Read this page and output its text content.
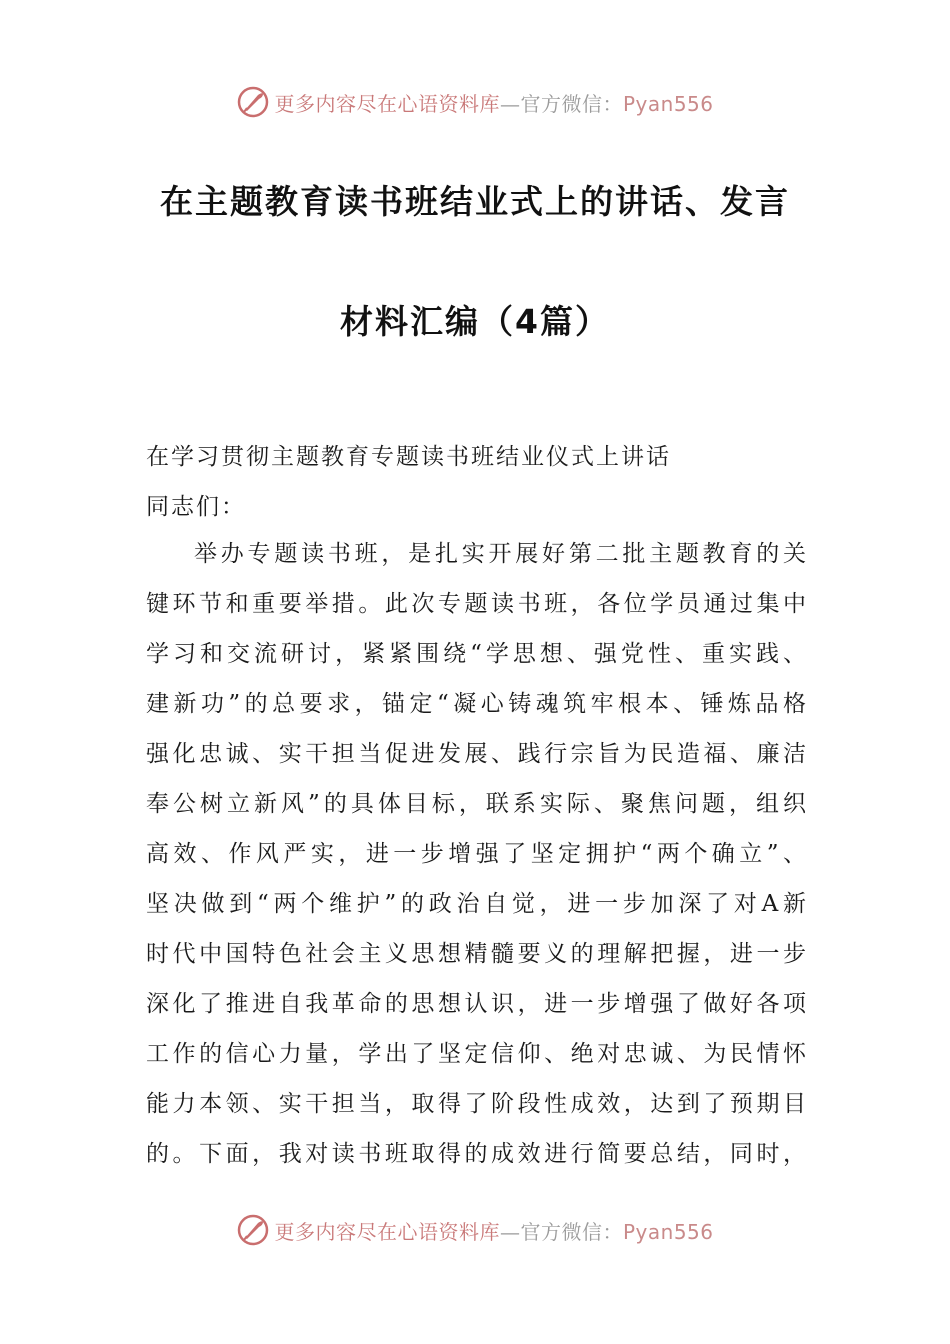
更多内容尽在心语资料库—官方微信：Pyan556
在主题教育读书班结业式上的讲话、发言
材料汇编（4篇）
在学习贯彻主题教育专题读书班结业仪式上讲话
同志们：
举办专题读书班，是扎实开展好第二批主题教育的关
键环节和重要举措。此次专题读书班，各位学员通过集中
学习和交流研讨，紧紧围绕“学思想、强党性、重实践、
建新功”的总要求，锚定“凝心铸魂筑牢根本、锤炼品格
强化忠诚、实干担当促进发展、践行宗旨为民造福、廉洁
奉公树立新风”的具体目标，联系实际、聚焦问题，组织
高效、作风严实，进一步增强了坚定拥护“两个确立”、
坚决做到“两个维护”的政治自觉，进一步加深了对A新
时代中国特色社会主义思想精髓要义的理解把握，进一步
深化了推进自我革命的思想认识，进一步增强了做好各项
工作的信心力量，学出了坚定信仰、绝对忠诚、为民情怀
能力本领、实干担当，取得了阶段性成效，达到了预期目
的。下面，我对读书班取得的成效进行简要总结，同时，
更多内容尽在心语资料库—官方微信：Pyan556
